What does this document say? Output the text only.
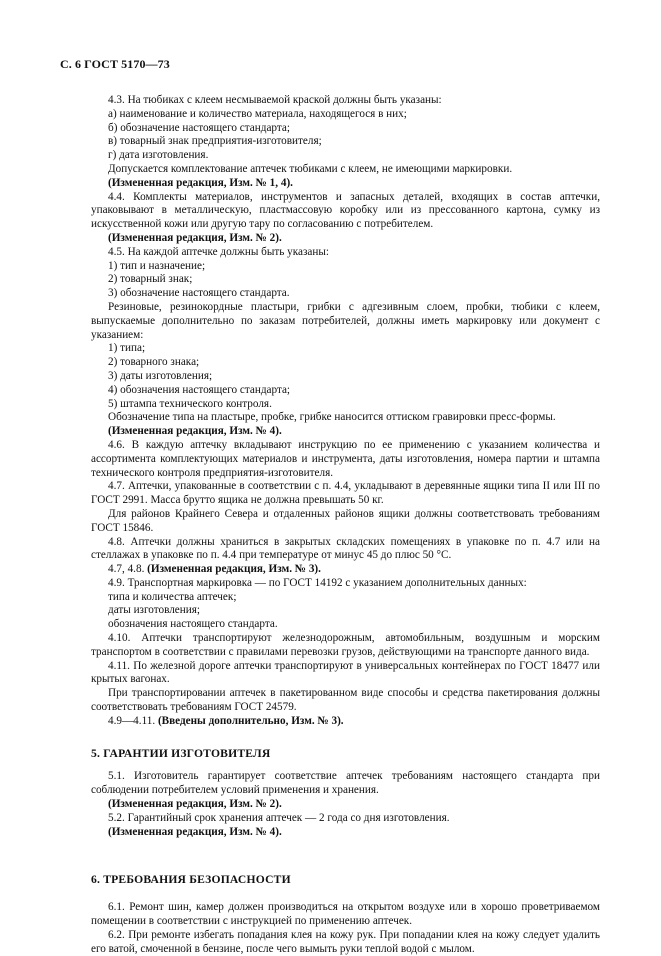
С. 6 ГОСТ 5170—73

4.3. На тюбиках с клеем несмываемой краской должны быть указаны:

а) наименование и количество материала, находящегося в них;

б) обозначение настоящего стандарта;

в) товарный знак предприятия-изготовителя;

г) дата изготовления.

Допускается комплектование аптечек тюбиками с клеем, не имеющими маркировки.

(Измененная редакция, Изм. № 1, 4).

4.4. Комплекты материалов, инструментов и запасных деталей, входящих в состав аптечки, упаковывают в металлическую, пластмассовую коробку или из прессованного картона, сумку из искусственной кожи или другую тару по согласованию с потребителем.

(Измененная редакция, Изм. № 2).

4.5. На каждой аптечке должны быть указаны:

1) тип и назначение;

2) товарный знак;

3) обозначение настоящего стандарта.

Резиновые, резинокордные пластыри, грибки с адгезивным слоем, пробки, тюбики с клеем, выпускаемые дополнительно по заказам потребителей, должны иметь маркировку или документ с указанием:

1) типа;

2) товарного знака;

3) даты изготовления;

4) обозначения настоящего стандарта;

5) штампа технического контроля.

Обозначение типа на пластыре, пробке, грибке наносится оттиском гравировки пресс-формы.

(Измененная редакция, Изм. № 4).

4.6. В каждую аптечку вкладывают инструкцию по ее применению с указанием количества и ассортимента комплектующих материалов и инструмента, даты изготовления, номера партии и штампа технического контроля предприятия-изготовителя.

4.7. Аптечки, упакованные в соответствии с п. 4.4, укладывают в деревянные ящики типа II или III по ГОСТ 2991. Масса брутто ящика не должна превышать 50 кг.

Для районов Крайнего Севера и отдаленных районов ящики должны соответствовать требованиям ГОСТ 15846.

4.8. Аптечки должны храниться в закрытых складских помещениях в упаковке по п. 4.7 или на стеллажах в упаковке по п. 4.4 при температуре от минус 45 до плюс 50 °С.

4.7, 4.8. (Измененная редакция, Изм. № 3).

4.9. Транспортная маркировка — по ГОСТ 14192 с указанием дополнительных данных:

типа и количества аптечек;

даты изготовления;

обозначения настоящего стандарта.

4.10. Аптечки транспортируют железнодорожным, автомобильным, воздушным и морским транспортом в соответствии с правилами перевозки грузов, действующими на транспорте данного вида.

4.11. По железной дороге аптечки транспортируют в универсальных контейнерах по ГОСТ 18477 или крытых вагонах.

При транспортировании аптечек в пакетированном виде способы и средства пакетирования должны соответствовать требованиям ГОСТ 24579.

4.9—4.11. (Введены дополнительно, Изм. № 3).

5. ГАРАНТИИ ИЗГОТОВИТЕЛЯ

5.1. Изготовитель гарантирует соответствие аптечек требованиям настоящего стандарта при соблюдении потребителем условий применения и хранения.

(Измененная редакция, Изм. № 2).

5.2. Гарантийный срок хранения аптечек — 2 года со дня изготовления.

(Измененная редакция, Изм. № 4).

6. ТРЕБОВАНИЯ БЕЗОПАСНОСТИ

6.1. Ремонт шин, камер должен производиться на открытом воздухе или в хорошо проветриваемом помещении в соответствии с инструкцией по применению аптечек.

6.2. При ремонте избегать попадания клея на кожу рук. При попадании клея на кожу следует удалить его ватой, смоченной в бензине, после чего вымыть руки теплой водой с мылом.
